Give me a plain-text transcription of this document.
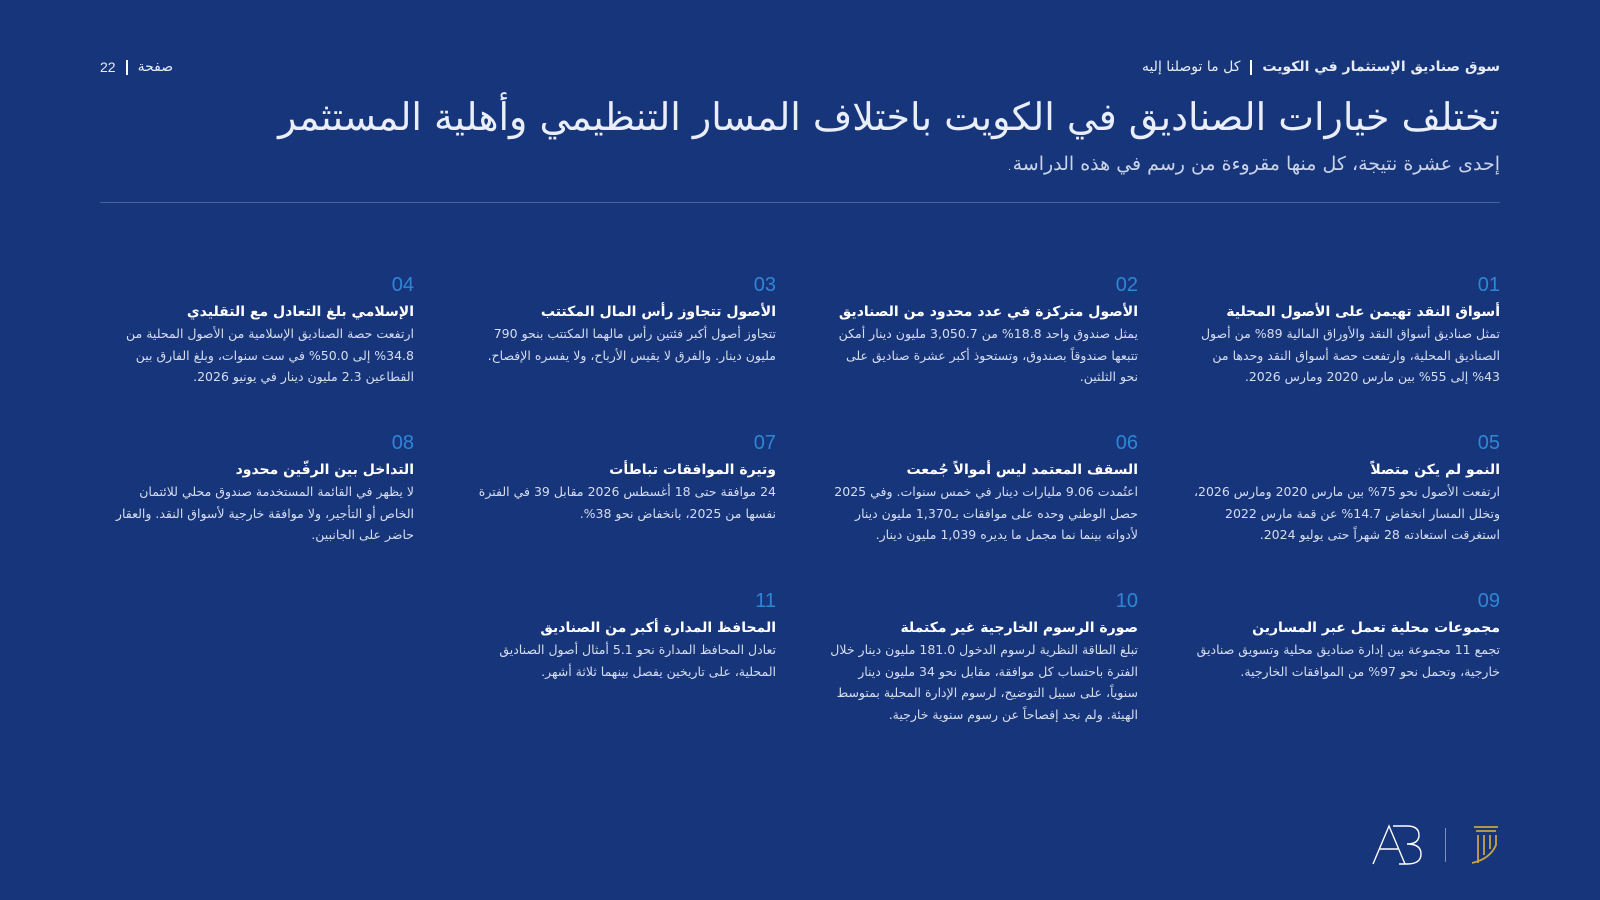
سوق صناديق الإستثمار في الكويت
كل ما توصلنا إليه
صفحة
22
تختلف خيارات الصناديق في الكويت باختلاف المسار التنظيمي وأهلية المستثمر

إحدى عشرة نتيجة، كل منها مقروءة من رسم في هذه الدراسة.

01
أسواق النقد تهيمن على الأصول المحلية
تمثل صناديق أسواق النقد والأوراق المالية 89% من أصول الصناديق المحلية، وارتفعت حصة أسواق النقد وحدها من 43% إلى 55% بين مارس 2020 ومارس 2026.
02
الأصول متركزة في عدد محدود من الصناديق
يمثل صندوق واحد 18.8% من 3,050.7 مليون دينار أمكن تتبعها صندوقاً بصندوق، وتستحوذ أكبر عشرة صناديق على نحو الثلثين.
03
الأصول تتجاوز رأس المال المكتتب
تتجاوز أصول أكبر فئتين رأس مالهما المكتتب بنحو 790 مليون دينار. والفرق لا يقيس الأرباح، ولا يفسره الإفصاح.
04
الإسلامي بلغ التعادل مع التقليدي
ارتفعت حصة الصناديق الإسلامية من الأصول المحلية من 34.8% إلى 50.0% في ست سنوات، وبلغ الفارق بين القطاعين 2.3 مليون دينار في يونيو 2026.
05
النمو لم يكن متصلاً
ارتفعت الأصول نحو 75% بين مارس 2020 ومارس 2026، وتخلل المسار انخفاض 14.7% عن قمة مارس 2022 استغرقت استعادته 28 شهراً حتى يوليو 2024.
06
السقف المعتمد ليس أموالاً جُمعت
اعتُمدت 9.06 مليارات دينار في خمس سنوات. وفي 2025 حصل الوطني وحده على موافقات بـ1,370 مليون دينار لأدواته بينما نما مجمل ما يديره 1,039 مليون دينار.
07
وتيرة الموافقات تباطأت
24 موافقة حتى 18 أغسطس 2026 مقابل 39 في الفترة نفسها من 2025، بانخفاض نحو 38%.
08
التداخل بين الرفّين محدود
لا يظهر في القائمة المستخدمة صندوق محلي للائتمان الخاص أو التأجير، ولا موافقة خارجية لأسواق النقد. والعقار حاضر على الجانبين.
09
مجموعات محلية تعمل عبر المسارين
تجمع 11 مجموعة بين إدارة صناديق محلية وتسويق صناديق خارجية، وتحمل نحو 97% من الموافقات الخارجية.
10
صورة الرسوم الخارجية غير مكتملة
تبلغ الطاقة النظرية لرسوم الدخول 181.0 مليون دينار خلال الفترة باحتساب كل موافقة، مقابل نحو 34 مليون دينار سنوياً، على سبيل التوضيح، لرسوم الإدارة المحلية بمتوسط الهيئة. ولم نجد إفصاحاً عن رسوم سنوية خارجية.
11
المحافظ المدارة أكبر من الصناديق
تعادل المحافظ المدارة نحو 5.1 أمثال أصول الصناديق المحلية، على تاريخين يفصل بينهما ثلاثة أشهر.
